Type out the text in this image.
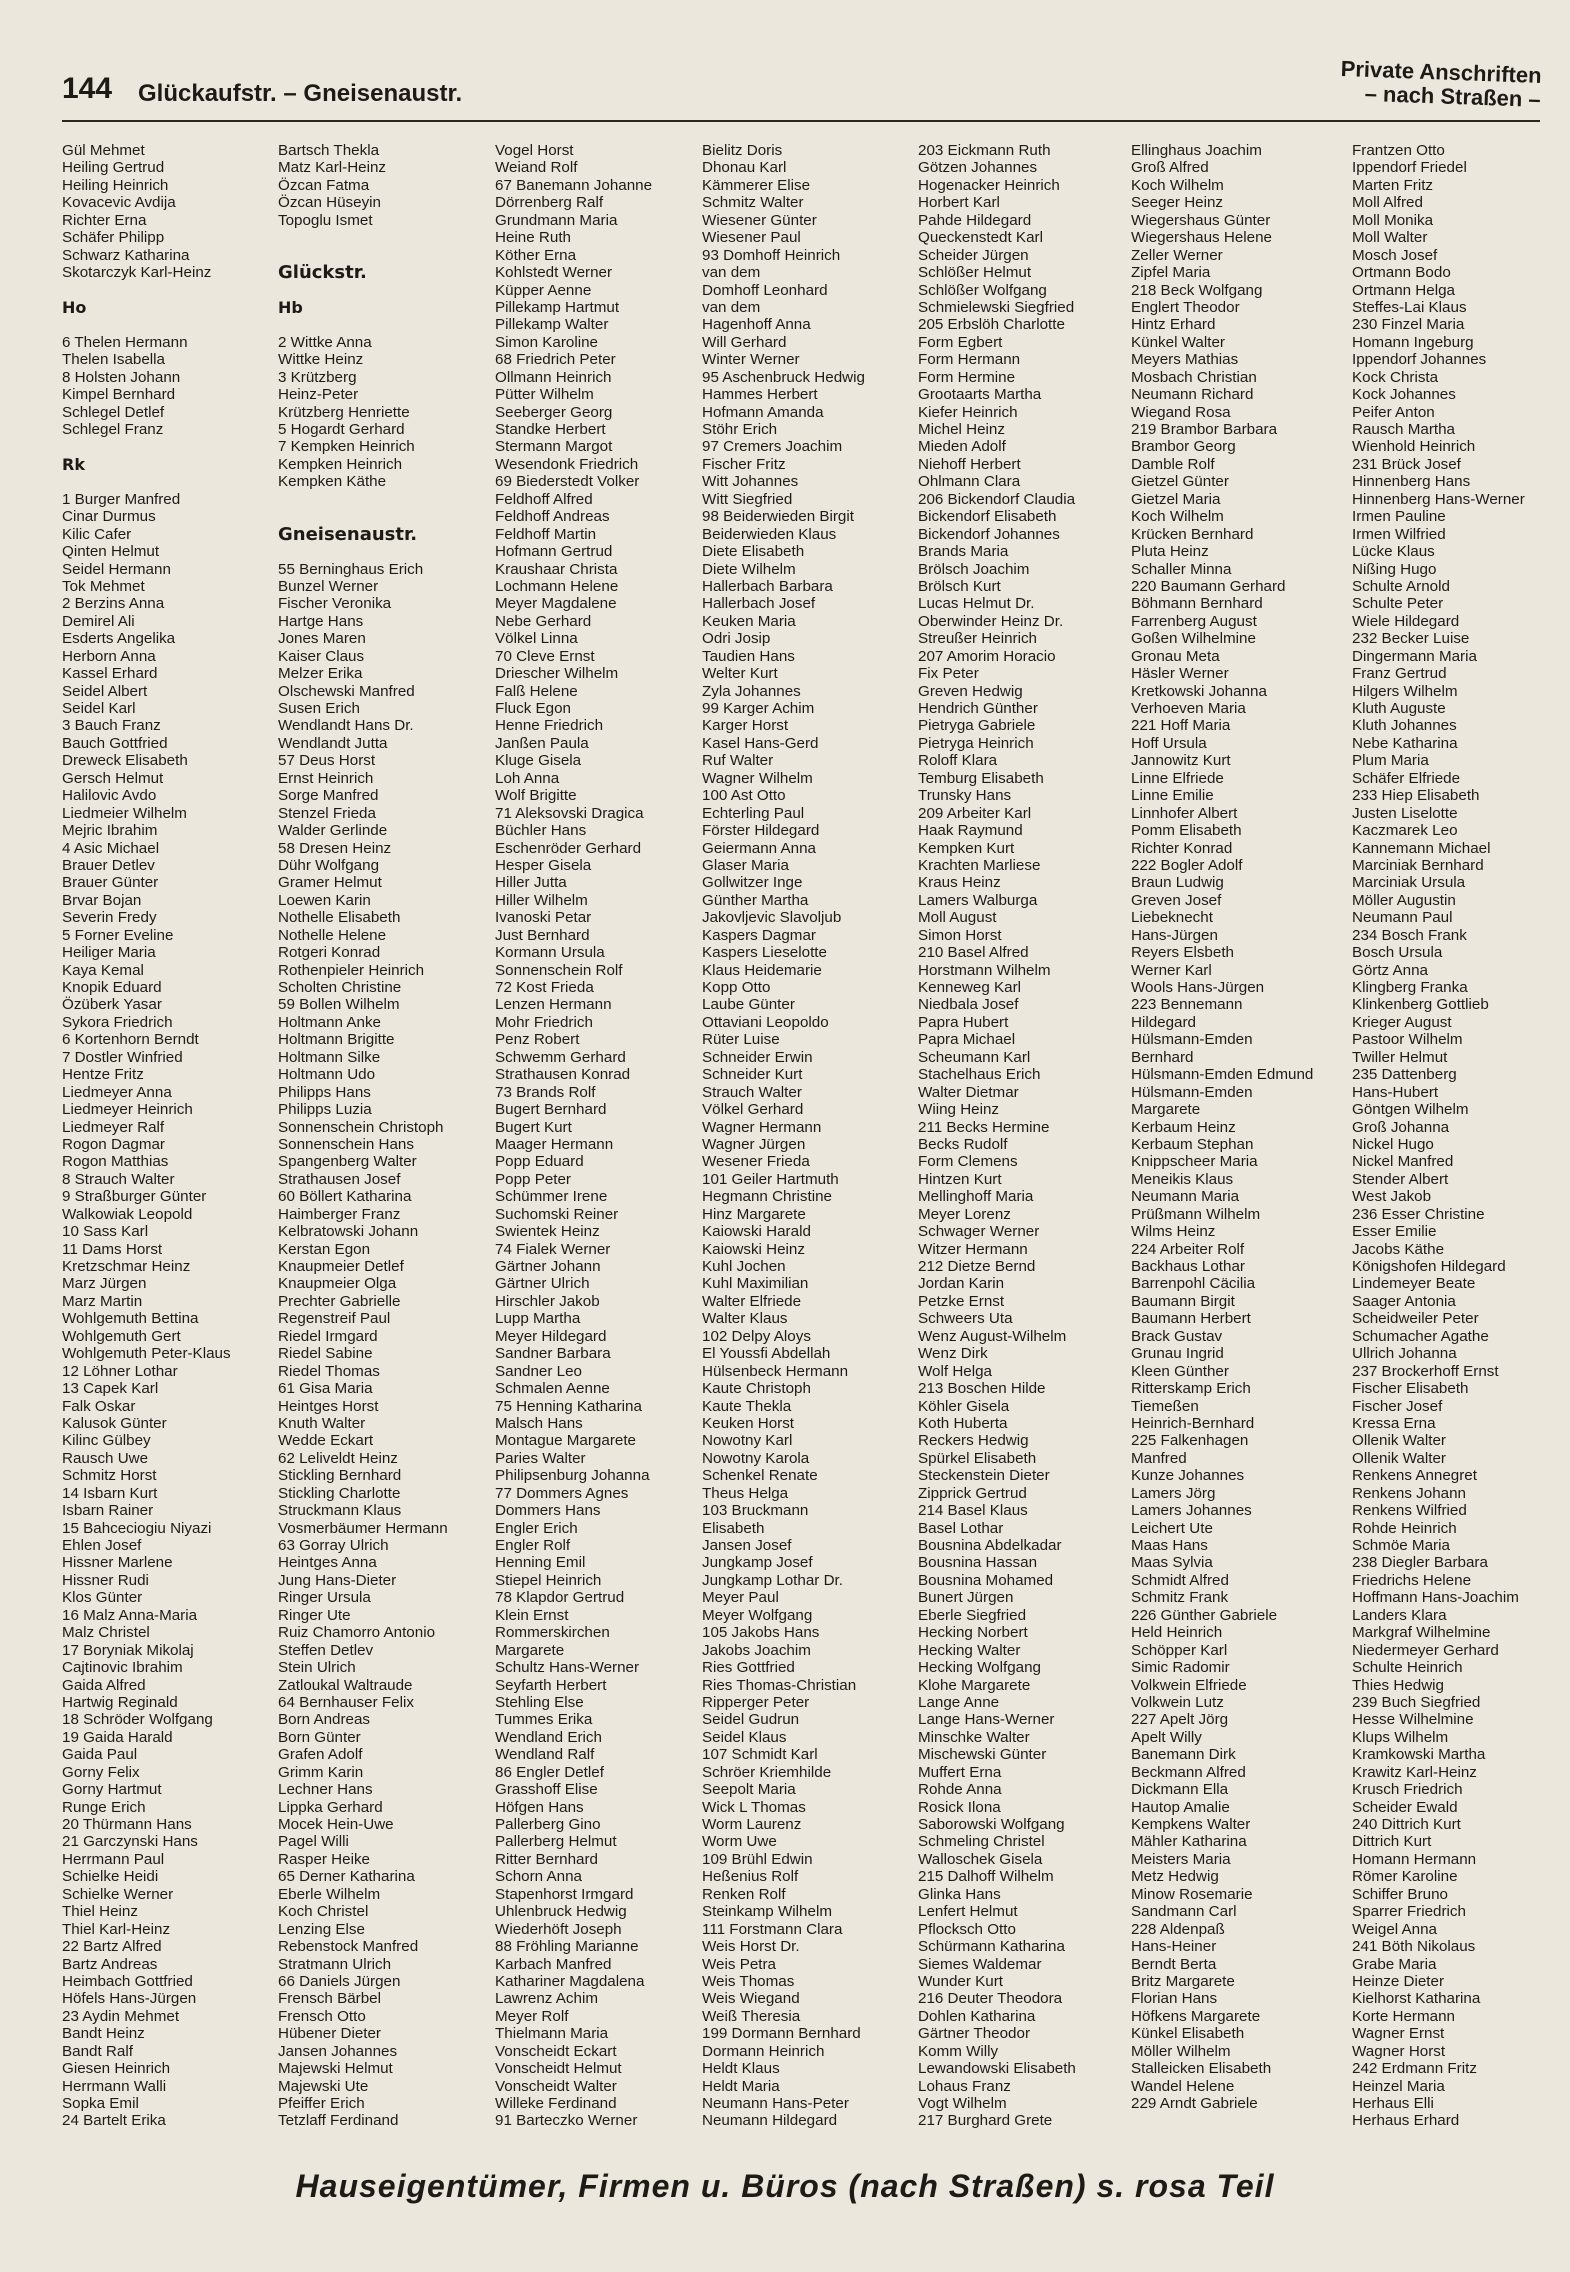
144 Glückaufstr. – Gneisenaustr.
Private Anschriften
– nach Straßen –
Gül Mehmet
Heiling Gertrud
Heiling Heinrich
Kovacevic Avdija
Richter Erna
Schäfer Philipp
Schwarz Katharina
Skotarczyk Karl-Heinz

Ho

6 Thelen Hermann
Thelen Isabella
8 Holsten Johann
Kimpel Bernhard
Schlegel Detlef
Schlegel Franz

Rk

1 Burger Manfred
Cinar Durmus
Kilic Cafer
Qinten Helmut
Seidel Hermann
Tok Mehmet
2 Berzins Anna
Demirel Ali
Esderts Angelika
Herborn Anna
Kassel Erhard
Seidel Albert
Seidel Karl
3 Bauch Franz
Bauch Gottfried
Dreweck Elisabeth
Gersch Helmut
Halilovic Avdo
Liedmeier Wilhelm
Mejric Ibrahim
4 Asic Michael
Brauer Detlev
Brauer Günter
Brvar Bojan
Severin Fredy
5 Forner Eveline
Heiliger Maria
Kaya Kemal
Knopik Eduard
Özüberk Yasar
Sykora Friedrich
6 Kortenhorn Berndt
7 Dostler Winfried
Hentze Fritz
Liedmeyer Anna
Liedmeyer Heinrich
Liedmeyer Ralf
Rogon Dagmar
Rogon Matthias
8 Strauch Walter
9 Straßburger Günter
Walkowiak Leopold
10 Sass Karl
11 Dams Horst
Kretzschmar Heinz
Marz Jürgen
Marz Martin
Wohlgemuth Bettina
Wohlgemuth Gert
Wohlgemuth Peter-Klaus
12 Löhner Lothar
13 Capek Karl
Falk Oskar
Kalusok Günter
Kilinc Gülbey
Rausch Uwe
Schmitz Horst
14 Isbarn Kurt
Isbarn Rainer
15 Bahceciogiu Niyazi
Ehlen Josef
Hissner Marlene
Hissner Rudi
Klos Günter
16 Malz Anna-Maria
Malz Christel
17 Boryniak Mikolaj
Cajtinovic Ibrahim
Gaida Alfred
Hartwig Reginald
18 Schröder Wolfgang
19 Gaida Harald
Gaida Paul
Gorny Felix
Gorny Hartmut
Runge Erich
20 Thürmann Hans
21 Garczynski Hans
Herrmann Paul
Schielke Heidi
Schielke Werner
Thiel Heinz
Thiel Karl-Heinz
22 Bartz Alfred
Bartz Andreas
Heimbach Gottfried
Höfels Hans-Jürgen
23 Aydin Mehmet
Bandt Heinz
Bandt Ralf
Giesen Heinrich
Herrmann Walli
Sopka Emil
24 Bartelt Erika
Bartsch Thekla
Matz Karl-Heinz
Özcan Fatma
Özcan Hüseyin
Topoglu Ismet

Glückstr.

Hb

2 Wittke Anna
Wittke Heinz
3 Krützberg
Heinz-Peter
Krützberg Henriette
5 Hogardt Gerhard
7 Kempken Heinrich
Kempken Heinrich
Kempken Käthe

Gneisenaustr.

55 Berninghaus Erich
Bunzel Werner
Fischer Veronika
Hartge Hans
Jones Maren
Kaiser Claus
Melzer Erika
Olschewski Manfred
Susen Erich
Wendlandt Hans Dr.
Wendlandt Jutta
57 Deus Horst
Ernst Heinrich
Sorge Manfred
Stenzel Frieda
Walder Gerlinde
58 Dresen Heinz
Dühr Wolfgang
Gramer Helmut
Loewen Karin
Nothelle Elisabeth
Nothelle Helene
Rotgeri Konrad
Rothenpieler Heinrich
Scholten Christine
59 Bollen Wilhelm
Holtmann Anke
Holtmann Brigitte
Holtmann Silke
Holtmann Udo
Philipps Hans
Philipps Luzia
Sonnenschein Christoph
Sonnenschein Hans
Spangenberg Walter
Strathausen Josef
60 Böllert Katharina
Haimberger Franz
Kelbratowski Johann
Kerstan Egon
Knaupmeier Detlef
Knaupmeier Olga
Prechter Gabrielle
Regenstreif Paul
Riedel Irmgard
Riedel Sabine
Riedel Thomas
61 Gisa Maria
Heintges Horst
Knuth Walter
Wedde Eckart
62 Leliveldt Heinz
Stickling Bernhard
Stickling Charlotte
Struckmann Klaus
Vosmerbäumer Hermann
63 Gorray Ulrich
Heintges Anna
Jung Hans-Dieter
Ringer Ursula
Ringer Ute
Ruiz Chamorro Antonio
Steffen Detlev
Stein Ulrich
Zatloukal Waltraude
64 Bernhauser Felix
Born Andreas
Born Günter
Grafen Adolf
Grimm Karin
Lechner Hans
Lippka Gerhard
Mocek Hein-Uwe
Pagel Willi
Rasper Heike
65 Derner Katharina
Eberle Wilhelm
Koch Christel
Lenzing Else
Rebenstock Manfred
Stratmann Ulrich
66 Daniels Jürgen
Frensch Bärbel
Frensch Otto
Hübener Dieter
Jansen Johannes
Majewski Helmut
Majewski Ute
Pfeiffer Erich
Tetzlaff Ferdinand
Vogel Horst
Weiand Rolf
67 Banemann Johanne
Dörrenberg Ralf
Grundmann Maria
Heine Ruth
Köther Erna
Kohlstedt Werner
Küpper Aenne
Pillekamp Hartmut
Pillekamp Walter
Simon Karoline
68 Friedrich Peter
Ollmann Heinrich
Pütter Wilhelm
Seeberger Georg
Standke Herbert
Stermann Margot
Wesendonk Friedrich
69 Biederstedt Volker
Feldhoff Alfred
Feldhoff Andreas
Feldhoff Martin
Hofmann Gertrud
Kraushaar Christa
Lochmann Helene
Meyer Magdalene
Nebe Gerhard
Völkel Linna
70 Cleve Ernst
Driescher Wilhelm
Falß Helene
Fluck Egon
Henne Friedrich
Janßen Paula
Kluge Gisela
Loh Anna
Wolf Brigitte
71 Aleksovski Dragica
Büchler Hans
Eschenröder Gerhard
Hesper Gisela
Hiller Jutta
Hiller Wilhelm
Ivanoski Petar
Just Bernhard
Kormann Ursula
Sonnenschein Rolf
72 Kost Frieda
Lenzen Hermann
Mohr Friedrich
Penz Robert
Schwemm Gerhard
Strathausen Konrad
73 Brands Rolf
Bugert Bernhard
Bugert Kurt
Maager Hermann
Popp Eduard
Popp Peter
Schümmer Irene
Suchomski Reiner
Swientek Heinz
74 Fialek Werner
Gärtner Johann
Gärtner Ulrich
Hirschler Jakob
Lupp Martha
Meyer Hildegard
Sandner Barbara
Sandner Leo
Schmalen Aenne
75 Henning Katharina
Malsch Hans
Montague Margarete
Paries Walter
Philipsenburg Johanna
77 Dommers Agnes
Dommers Hans
Engler Erich
Engler Rolf
Henning Emil
Stiepel Heinrich
78 Klapdor Gertrud
Klein Ernst
Rommerskirchen
Margarete
Schultz Hans-Werner
Seyfarth Herbert
Stehling Else
Tummes Erika
Wendland Erich
Wendland Ralf
86 Engler Detlef
Grasshoff Elise
Höfgen Hans
Pallerberg Gino
Pallerberg Helmut
Ritter Bernhard
Schorn Anna
Stapenhorst Irmgard
Uhlenbruck Hedwig
Wiederhöft Joseph
88 Fröhling Marianne
Karbach Manfred
Kathariner Magdalena
Lawrenz Achim
Meyer Rolf
Thielmann Maria
Vonscheidt Eckart
Vonscheidt Helmut
Vonscheidt Walter
Willeke Ferdinand
91 Barteczko Werner
Bielitz Doris
Dhonau Karl
Kämmerer Elise
Schmitz Walter
Wiesener Günter
Wiesener Paul
93 Domhoff Heinrich
van dem
Domhoff Leonhard
van dem
Hagenhoff Anna
Will Gerhard
Winter Werner
95 Aschenbruck Hedwig
Hammes Herbert
Hofmann Amanda
Stöhr Erich
97 Cremers Joachim
Fischer Fritz
Witt Johannes
Witt Siegfried
98 Beiderwieden Birgit
Beiderwieden Klaus
Diete Elisabeth
Diete Wilhelm
Hallerbach Barbara
Hallerbach Josef
Keuken Maria
Odri Josip
Taudien Hans
Welter Kurt
Zyla Johannes
99 Karger Achim
Karger Horst
Kasel Hans-Gerd
Ruf Walter
Wagner Wilhelm
100 Ast Otto
Echterling Paul
Förster Hildegard
Geiermann Anna
Glaser Maria
Gollwitzer Inge
Günther Martha
Jakovljevic Slavoljub
Kaspers Dagmar
Kaspers Lieselotte
Klaus Heidemarie
Kopp Otto
Laube Günter
Ottaviani Leopoldo
Rüter Luise
Schneider Erwin
Schneider Kurt
Strauch Walter
Völkel Gerhard
Wagner Hermann
Wagner Jürgen
Wesener Frieda
101 Geiler Hartmuth
Hegmann Christine
Hinz Margarete
Kaiowski Harald
Kaiowski Heinz
Kuhl Jochen
Kuhl Maximilian
Walter Elfriede
Walter Klaus
102 Delpy Aloys
El Youssfi Abdellah
Hülsenbeck Hermann
Kaute Christoph
Kaute Thekla
Keuken Horst
Nowotny Karl
Nowotny Karola
Schenkel Renate
Theus Helga
103 Bruckmann
Elisabeth
Jansen Josef
Jungkamp Josef
Jungkamp Lothar Dr.
Meyer Paul
Meyer Wolfgang
105 Jakobs Hans
Jakobs Joachim
Ries Gottfried
Ries Thomas-Christian
Ripperger Peter
Seidel Gudrun
Seidel Klaus
107 Schmidt Karl
Schröer Kriemhilde
Seepolt Maria
Wick L Thomas
Worm Laurenz
Worm Uwe
109 Brühl Edwin
Heßenius Rolf
Renken Rolf
Steinkamp Wilhelm
111 Forstmann Clara
Weis Horst Dr.
Weis Petra
Weis Thomas
Weis Wiegand
Weiß Theresia
199 Dormann Bernhard
Dormann Heinrich
Heldt Klaus
Heldt Maria
Neumann Hans-Peter
Neumann Hildegard
203 Eickmann Ruth
Götzen Johannes
Hogenacker Heinrich
Horbert Karl
Pahde Hildegard
Queckenstedt Karl
Scheider Jürgen
Schlößer Helmut
Schlößer Wolfgang
Schmielewski Siegfried
205 Erbslöh Charlotte
Form Egbert
Form Hermann
Form Hermine
Grootaarts Martha
Kiefer Heinrich
Michel Heinz
Mieden Adolf
Niehoff Herbert
Ohlmann Clara
206 Bickendorf Claudia
Bickendorf Elisabeth
Bickendorf Johannes
Brands Maria
Brölsch Joachim
Brölsch Kurt
Lucas Helmut Dr.
Oberwinder Heinz Dr.
Streußer Heinrich
207 Amorim Horacio
Fix Peter
Greven Hedwig
Hendrich Günther
Pietryga Gabriele
Pietryga Heinrich
Roloff Klara
Temburg Elisabeth
Trunsky Hans
209 Arbeiter Karl
Haak Raymund
Kempken Kurt
Krachten Marliese
Kraus Heinz
Lamers Walburga
Moll August
Simon Horst
210 Basel Alfred
Horstmann Wilhelm
Kenneweg Karl
Niedbala Josef
Papra Hubert
Papra Michael
Scheumann Karl
Stachelhaus Erich
Walter Dietmar
Wiing Heinz
211 Becks Hermine
Becks Rudolf
Form Clemens
Hintzen Kurt
Mellinghoff Maria
Meyer Lorenz
Schwager Werner
Witzer Hermann
212 Dietze Bernd
Jordan Karin
Petzke Ernst
Schweers Uta
Wenz August-Wilhelm
Wenz Dirk
Wolf Helga
213 Boschen Hilde
Köhler Gisela
Koth Huberta
Reckers Hedwig
Spürkel Elisabeth
Steckenstein Dieter
Zipprick Gertrud
214 Basel Klaus
Basel Lothar
Bousnina Abdelkadar
Bousnina Hassan
Bousnina Mohamed
Bunert Jürgen
Eberle Siegfried
Hecking Norbert
Hecking Walter
Hecking Wolfgang
Klohe Margarete
Lange Anne
Lange Hans-Werner
Minschke Walter
Mischewski Günter
Muffert Erna
Rohde Anna
Rosick Ilona
Saborowski Wolfgang
Schmeling Christel
Walloschek Gisela
215 Dalhoff Wilhelm
Glinka Hans
Lenfert Helmut
Pflocksch Otto
Schürmann Katharina
Siemes Waldemar
Wunder Kurt
216 Deuter Theodora
Dohlen Katharina
Gärtner Theodor
Komm Willy
Lewandowski Elisabeth
Lohaus Franz
Vogt Wilhelm
217 Burghard Grete
Ellinghaus Joachim
Groß Alfred
Koch Wilhelm
Seeger Heinz
Wiegershaus Günter
Wiegershaus Helene
Zeller Werner
Zipfel Maria
218 Beck Wolfgang
Englert Theodor
Hintz Erhard
Künkel Walter
Meyers Mathias
Mosbach Christian
Neumann Richard
Wiegand Rosa
219 Brambor Barbara
Brambor Georg
Damble Rolf
Gietzel Günter
Gietzel Maria
Koch Wilhelm
Krücken Bernhard
Pluta Heinz
Schaller Minna
220 Baumann Gerhard
Böhmann Bernhard
Farrenberg August
Goßen Wilhelmine
Gronau Meta
Häsler Werner
Kretkowski Johanna
Verhoeven Maria
221 Hoff Maria
Hoff Ursula
Jannowitz Kurt
Linne Elfriede
Linne Emilie
Linnhofer Albert
Pomm Elisabeth
Richter Konrad
222 Bogler Adolf
Braun Ludwig
Greven Josef
Liebeknecht
Hans-Jürgen
Reyers Elsbeth
Werner Karl
Wools Hans-Jürgen
223 Bennemann
Hildegard
Hülsmann-Emden
Bernhard
Hülsmann-Emden Edmund
Hülsmann-Emden
Margarete
Kerbaum Heinz
Kerbaum Stephan
Knippscheer Maria
Meneikis Klaus
Neumann Maria
Prüßmann Wilhelm
Wilms Heinz
224 Arbeiter Rolf
Backhaus Lothar
Barrenpohl Cäcilia
Baumann Birgit
Baumann Herbert
Brack Gustav
Grunau Ingrid
Kleen Günther
Ritterskamp Erich
Tiemeßen
Heinrich-Bernhard
225 Falkenhagen
Manfred
Kunze Johannes
Lamers Jörg
Lamers Johannes
Leichert Ute
Maas Hans
Maas Sylvia
Schmidt Alfred
Schmitz Frank
226 Günther Gabriele
Held Heinrich
Schöpper Karl
Simic Radomir
Volkwein Elfriede
Volkwein Lutz
227 Apelt Jörg
Apelt Willy
Banemann Dirk
Beckmann Alfred
Dickmann Ella
Hautop Amalie
Kempkens Walter
Mähler Katharina
Meisters Maria
Metz Hedwig
Minow Rosemarie
Sandmann Carl
228 Aldenpaß
Hans-Heiner
Berndt Berta
Britz Margarete
Florian Hans
Höfkens Margarete
Künkel Elisabeth
Möller Wilhelm
Stalleicken Elisabeth
Wandel Helene
229 Arndt Gabriele
Frantzen Otto
Ippendorf Friedel
Marten Fritz
Moll Alfred
Moll Monika
Moll Walter
Mosch Josef
Ortmann Bodo
Ortmann Helga
Steffes-Lai Klaus
230 Finzel Maria
Homann Ingeburg
Ippendorf Johannes
Kock Christa
Kock Johannes
Peifer Anton
Rausch Martha
Wienhold Heinrich
231 Brück Josef
Hinnenberg Hans
Hinnenberg Hans-Werner
Irmen Pauline
Irmen Wilfried
Lücke Klaus
Nißing Hugo
Schulte Arnold
Schulte Peter
Wiele Hildegard
232 Becker Luise
Dingermann Maria
Franz Gertrud
Hilgers Wilhelm
Kluth Auguste
Kluth Johannes
Nebe Katharina
Plum Maria
Schäfer Elfriede
233 Hiep Elisabeth
Justen Liselotte
Kaczmarek Leo
Kannemann Michael
Marciniak Bernhard
Marciniak Ursula
Möller Augustin
Neumann Paul
234 Bosch Frank
Bosch Ursula
Görtz Anna
Klingberg Franka
Klinkenberg Gottlieb
Krieger August
Pastoor Wilhelm
Twiller Helmut
235 Dattenberg
Hans-Hubert
Göntgen Wilhelm
Groß Johanna
Nickel Hugo
Nickel Manfred
Stender Albert
West Jakob
236 Esser Christine
Esser Emilie
Jacobs Käthe
Königshofen Hildegard
Lindemeyer Beate
Saager Antonia
Scheidweiler Peter
Schumacher Agathe
Ullrich Johanna
237 Brockerhoff Ernst
Fischer Elisabeth
Fischer Josef
Kressa Erna
Ollenik Walter
Ollenik Walter
Renkens Annegret
Renkens Johann
Renkens Wilfried
Rohde Heinrich
Schmöe Maria
238 Diegler Barbara
Friedrichs Helene
Hoffmann Hans-Joachim
Landers Klara
Markgraf Wilhelmine
Niedermeyer Gerhard
Schulte Heinrich
Thies Hedwig
239 Buch Siegfried
Hesse Wilhelmine
Klups Wilhelm
Kramkowski Martha
Krawitz Karl-Heinz
Krusch Friedrich
Scheider Ewald
240 Dittrich Kurt
Dittrich Kurt
Homann Hermann
Römer Karoline
Schiffer Bruno
Sparrer Friedrich
Weigel Anna
241 Böth Nikolaus
Grabe Maria
Heinze Dieter
Kielhorst Katharina
Korte Hermann
Wagner Ernst
Wagner Horst
242 Erdmann Fritz
Heinzel Maria
Herhaus Elli
Herhaus Erhard
Hauseigentümer, Firmen u. Büros (nach Straßen) s. rosa Teil
